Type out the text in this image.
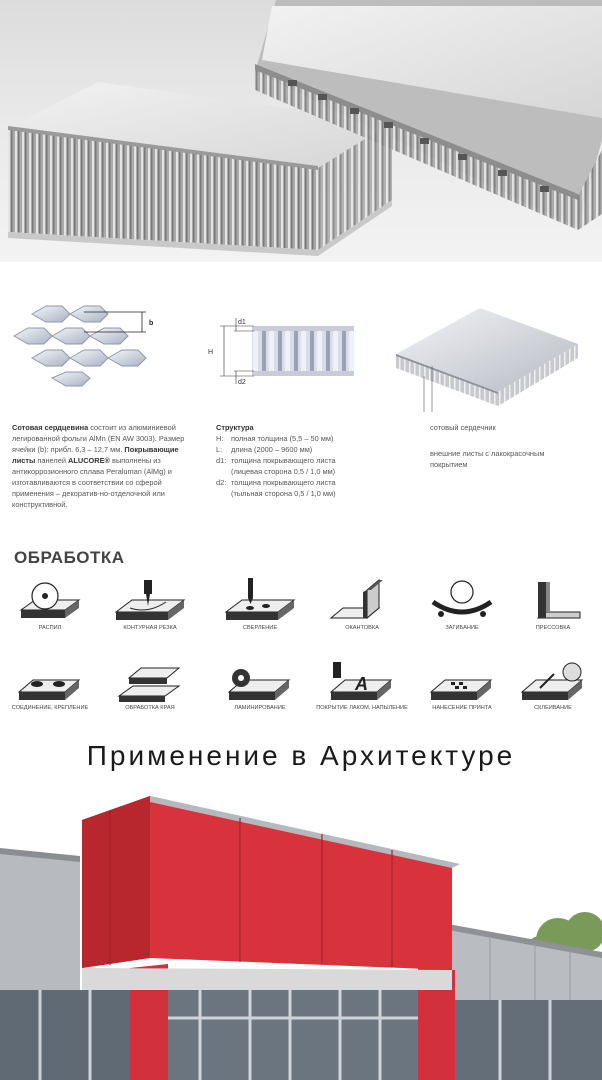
b
H
d1
d2
Сотовая сердцевина состоит из алюминиевой легированной фольги AlMn (EN AW 3003). Размер ячейки (b): прибл. 6,3 – 12,7 мм. Покрывающие листы панелей ALUCORE® выполнены из антикоррозионного сплава Peraluman (AlMg) и изготавливаются в соответствии со сферой применения – декоратив-но-отделочной или конструктивной.
Структура
H: полная толщина (5,5 – 50 мм)
L: длина (2000 – 9600 мм)
d1: толщина покрывающего листа
(лицевая сторона 0,5 / 1,0 мм)
d2: толщина покрывающего листа
(тыльная сторона 0,5 / 1,0 мм)
сотовый сердечник
внешние листы с лакокрасочным
покрытием
ОБРАБОТКА
РАСПИЛ	КОНТУРНАЯ РЕЗКА	СВЕРЛЕНИЕ	ОКАНТОВКА	ЗАГИБАНИЕ	ПРЕССОВКА
СОЕДИНЕНИЕ, КРЕПЛЕНИЕ	ОБРАБОТКА КРАЯ	ЛАМИНИРОВАНИЕ
A
ПОКРЫТИЕ ЛАКОМ, НАПЫЛЕНИЕ	НАНЕСЕНИЕ ПРИНТА	СКЛЕИВАНИЕ
Применение в Архитектуре
